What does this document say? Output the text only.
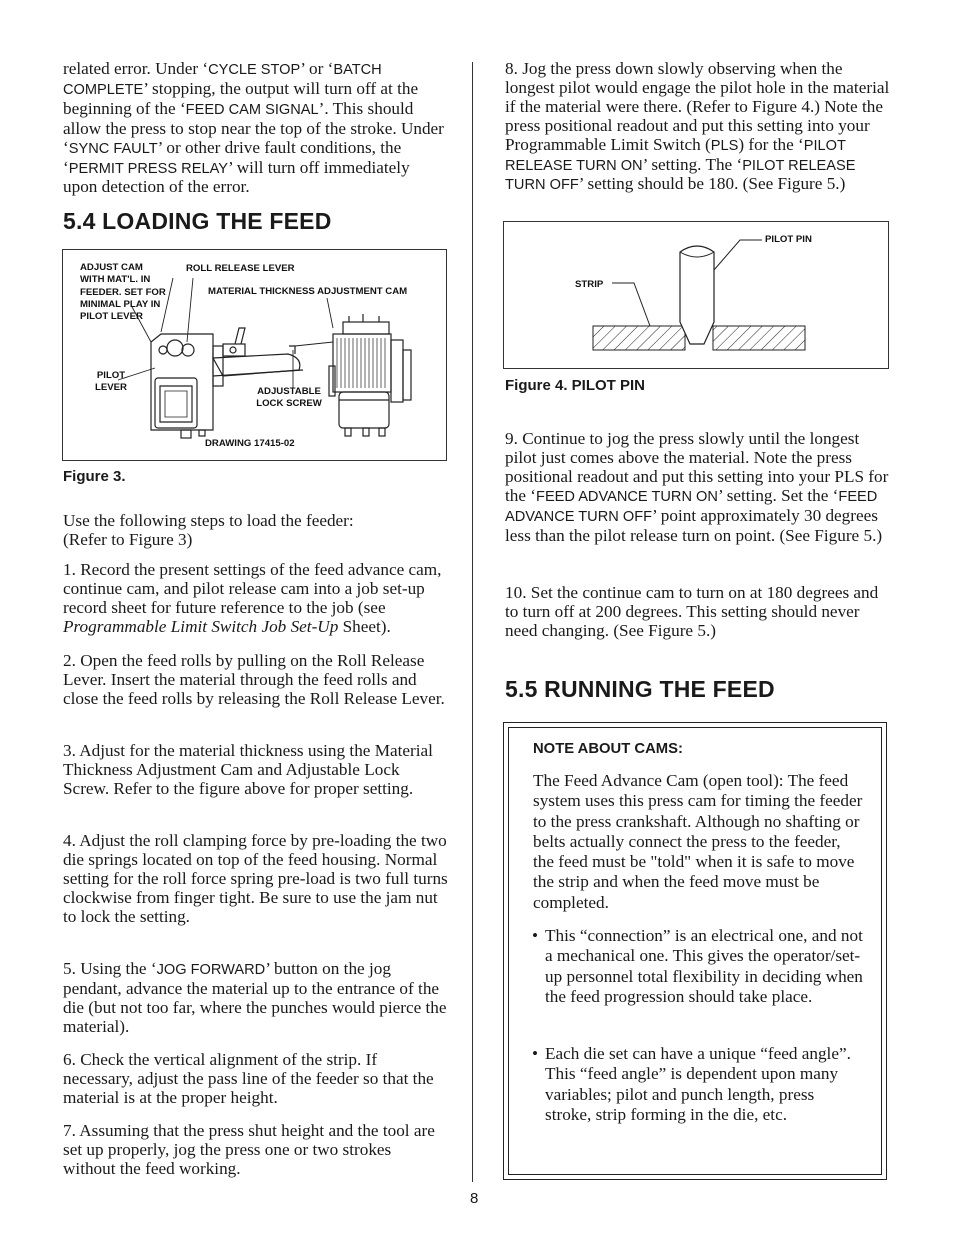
related error. Under ‘CYCLE STOP’ or ‘BATCH COMPLETE’ stopping, the output will turn off at the beginning of the ‘FEED CAM SIGNAL’. This should allow the press to stop near the top of the stroke. Under ‘SYNC FAULT’ or other drive fault conditions, the ‘PERMIT PRESS RELAY’ will turn off immediately upon detection of the error.

5.4 LOADING THE FEED
ADJUST CAM WITH MAT'L. IN FEEDER. SET FOR MINIMAL PLAY IN PILOT LEVER
ROLL RELEASE LEVER
MATERIAL THICKNESS ADJUSTMENT CAM
PILOT LEVER	ADJUSTABLE LOCK SCREW
DRAWING 17415-02
Figure 3.

Use the following steps to load the feeder: (Refer to Figure 3)

1. Record the present settings of the feed advance cam, continue cam, and pilot release cam into a job set-up record sheet for future reference to the job (see Programmable Limit Switch Job Set-Up Sheet).

2. Open the feed rolls by pulling on the Roll Release Lever. Insert the material through the feed rolls and close the feed rolls by releasing the Roll Release Lever.

3. Adjust for the material thickness using the Material Thickness Adjustment Cam and Adjustable Lock Screw. Refer to the figure above for proper setting.

4. Adjust the roll clamping force by pre-loading the two die springs located on top of the feed housing. Normal setting for the roll force spring pre-load is two full turns clockwise from finger tight. Be sure to use the jam nut to lock the setting.

5. Using the ‘JOG FORWARD’ button on the jog pendant, advance the material up to the entrance of the die (but not too far, where the punches would pierce the material).

6. Check the vertical alignment of the strip. If necessary, adjust the pass line of the feeder so that the material is at the proper height.

7. Assuming that the press shut height and the tool are set up properly, jog the press one or two strokes without the feed working.

8. Jog the press down slowly observing when the longest pilot would engage the pilot hole in the material if the material were there. (Refer to Figure 4.) Note the press positional readout and put this setting into your Programmable Limit Switch (PLS) for the ‘PILOT RELEASE TURN ON’ setting. The ‘PILOT RELEASE TURN OFF’ setting should be 180. (See Figure 5.)

PILOT PIN
STRIP
Figure 4. PILOT PIN

9. Continue to jog the press slowly until the longest pilot just comes above the material. Note the press positional readout and put this setting into your PLS for the ‘FEED ADVANCE TURN ON’ setting. Set the ‘FEED ADVANCE TURN OFF’ point approximately 30 degrees less than the pilot release turn on point. (See Figure 5.)

10. Set the continue cam to turn on at 180 degrees and to turn off at 200 degrees. This setting should never need changing. (See Figure 5.)

5.5 RUNNING THE FEED
NOTE ABOUT CAMS:

The Feed Advance Cam (open tool): The feed system uses this press cam for timing the feeder to the press crankshaft. Although no shafting or belts actually connect the press to the feeder, the feed must be "told" when it is safe to move the strip and when the feed move must be completed.

• This “connection” is an electrical one, and not a mechanical one. This gives the operator/set-up personnel total flexibility in deciding when the feed progression should take place.
• Each die set can have a unique “feed angle”. This “feed angle” is dependent upon many variables; pilot and punch length, press stroke, strip forming in the die, etc.
8
